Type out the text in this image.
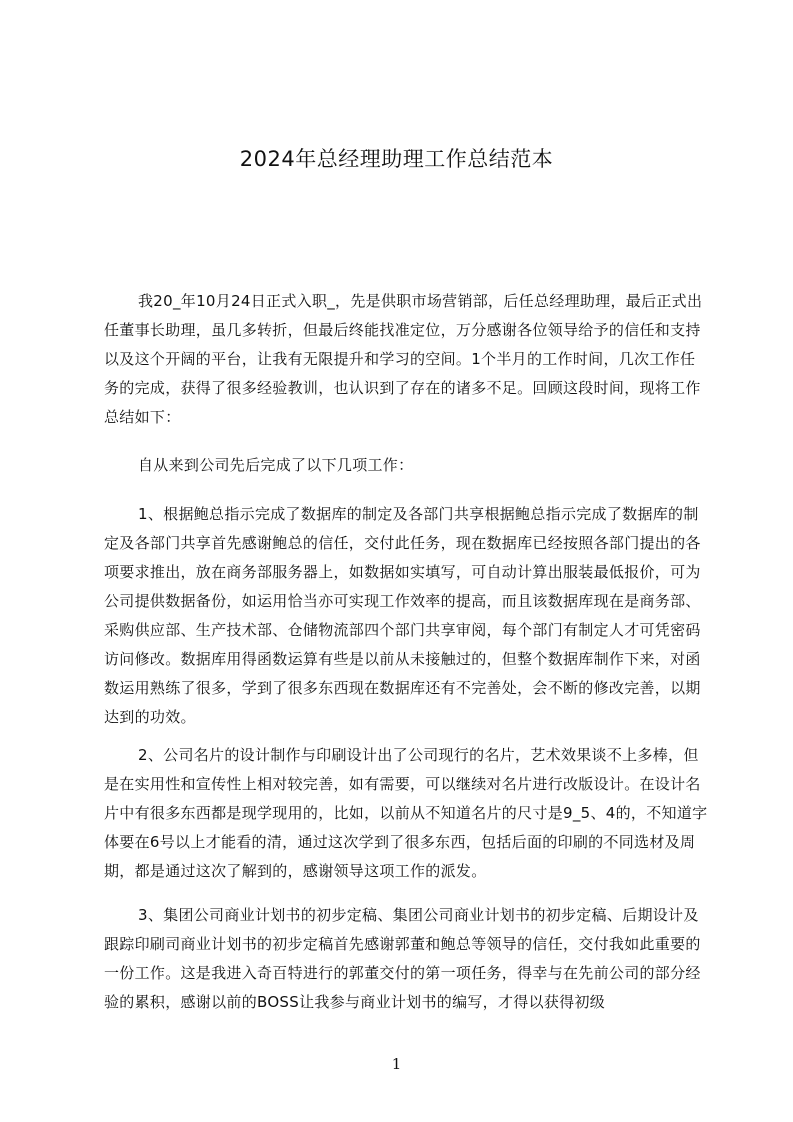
2024年总经理助理工作总结范本

我20_年10月24日正式入职_，先是供职市场营销部，后任总经理助理，最后正式出任董事长助理，虽几多转折，但最后终能找准定位，万分感谢各位领导给予的信任和支持以及这个开阔的平台，让我有无限提升和学习的空间。1个半月的工作时间，几次工作任务的完成，获得了很多经验教训，也认识到了存在的诸多不足。回顾这段时间，现将工作总结如下：

自从来到公司先后完成了以下几项工作：

1、根据鲍总指示完成了数据库的制定及各部门共享根据鲍总指示完成了数据库的制定及各部门共享首先感谢鲍总的信任，交付此任务，现在数据库已经按照各部门提出的各项要求推出，放在商务部服务器上，如数据如实填写，可自动计算出服装最低报价，可为公司提供数据备份，如运用恰当亦可实现工作效率的提高，而且该数据库现在是商务部、采购供应部、生产技术部、仓储物流部四个部门共享审阅，每个部门有制定人才可凭密码访问修改。数据库用得函数运算有些是以前从未接触过的，但整个数据库制作下来，对函数运用熟练了很多，学到了很多东西现在数据库还有不完善处，会不断的修改完善，以期达到的功效。

2、公司名片的设计制作与印刷设计出了公司现行的名片，艺术效果谈不上多棒，但是在实用性和宣传性上相对较完善，如有需要，可以继续对名片进行改版设计。在设计名片中有很多东西都是现学现用的，比如，以前从不知道名片的尺寸是9_5、4的，不知道字体要在6号以上才能看的清，通过这次学到了很多东西，包括后面的印刷的不同选材及周期，都是通过这次了解到的，感谢领导这项工作的派发。

3、集团公司商业计划书的初步定稿、集团公司商业计划书的初步定稿、后期设计及跟踪印刷司商业计划书的初步定稿首先感谢郭董和鲍总等领导的信任，交付我如此重要的一份工作。这是我进入奇百特进行的郭董交付的第一项任务，得幸与在先前公司的部分经验的累积，感谢以前的BOSS让我参与商业计划书的编写，才得以获得初级

1
